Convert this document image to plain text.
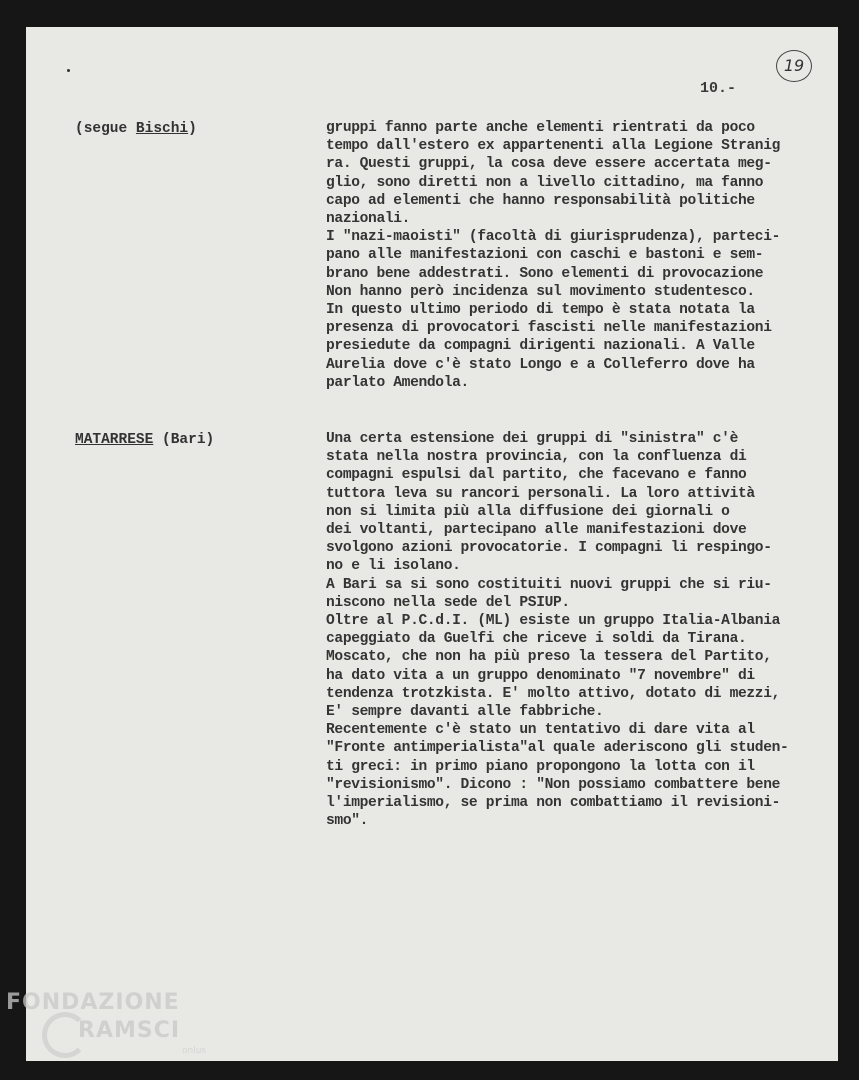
19
10.-
(segue Bischi)	gruppi fanno parte anche elementi rientrati da poco
tempo dall'estero ex appartenenti alla Legione Stranig
ra. Questi gruppi, la cosa deve essere accertata meg-
glio, sono diretti non a livello cittadino, ma fanno
capo ad elementi che hanno responsabilità politiche
nazionali.
I "nazi-maoisti" (facoltà di giurisprudenza), parteci-
pano alle manifestazioni con caschi e bastoni e sem-
brano bene addestrati. Sono elementi di provocazione
Non hanno però incidenza sul movimento studentesco.
In questo ultimo periodo di tempo è stata notata la
presenza di provocatori fascisti nelle manifestazioni
presiedute da compagni dirigenti nazionali. A Valle
Aurelia dove c'è stato Longo e a Colleferro dove ha
parlato Amendola.
MATARRESE (Bari)	Una certa estensione dei gruppi di "sinistra" c'è
stata nella nostra provincia, con la confluenza di
compagni espulsi dal partito, che facevano e fanno
tuttora leva su rancori personali. La loro attività
non si limita più alla diffusione dei giornali o
dei voltanti, partecipano alle manifestazioni dove
svolgono azioni provocatorie. I compagni li respingo-
no e li isolano.
A Bari sa si sono costituiti nuovi gruppi che si riu-
niscono nella sede del PSIUP.
Oltre al P.C.d.I. (ML) esiste un gruppo Italia-Albania
capeggiato da Guelfi che riceve i soldi da Tirana.
Moscato, che non ha più preso la tessera del Partito,
ha dato vita a un gruppo denominato "7 novembre" di
tendenza trotzkista. E' molto attivo, dotato di mezzi,
E' sempre davanti alle fabbriche.
Recentemente c'è stato un tentativo di dare vita al
"Fronte antimperialista"al quale aderiscono gli studen-
ti greci: in primo piano propongono la lotta con il
"revisionismo". Dicono : "Non possiamo combattere bene
l'imperialismo, se prima non combattiamo il revisioni-
smo".
FONDAZIONE
RAMSCI
onlus
